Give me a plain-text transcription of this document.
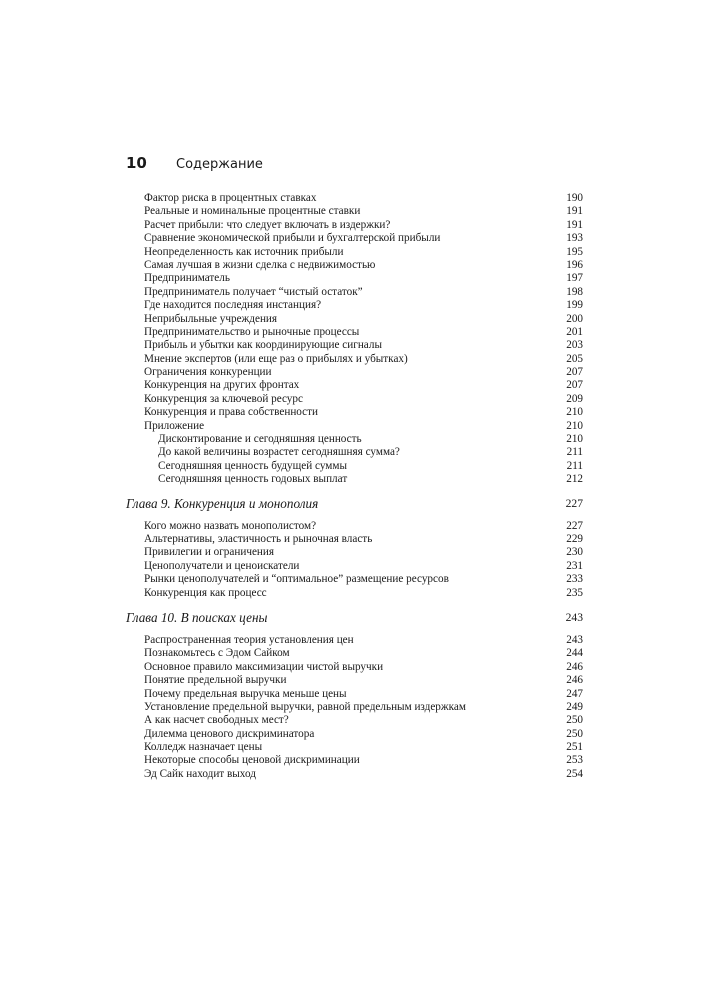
10	Содержание
Фактор риска в процентных ставках	190
Реальные и номинальные процентные ставки	191
Расчет прибыли: что следует включать в издержки?	191
Сравнение экономической прибыли и бухгалтерской прибыли	193
Неопределенность как источник прибыли	195
Самая лучшая в жизни сделка с недвижимостью	196
Предприниматель	197
Предприниматель получает “чистый остаток”	198
Где находится последняя инстанция?	199
Неприбыльные учреждения	200
Предпринимательство и рыночные процессы	201
Прибыль и убытки как координирующие сигналы	203
Мнение экспертов (или еще раз о прибылях и убытках)	205
Ограничения конкуренции	207
Конкуренция на других фронтах	207
Конкуренция за ключевой ресурс	209
Конкуренция и права собственности	210
Приложение	210
Дисконтирование и сегодняшняя ценность	210
До какой величины возрастет сегодняшняя сумма?	211
Сегодняшняя ценность будущей суммы	211
Сегодняшняя ценность годовых выплат	212
Глава 9. Конкуренция и монополия	227
Кого можно назвать монополистом?	227
Альтернативы, эластичность и рыночная власть	229
Привилегии и ограничения	230
Ценополучатели и ценоискатели	231
Рынки ценополучателей и “оптимальное” размещение ресурсов	233
Конкуренция как процесс	235
Глава 10. В поисках цены	243
Распространенная теория установления цен	243
Познакомьтесь с Эдом Сайком	244
Основное правило максимизации чистой выручки	246
Понятие предельной выручки	246
Почему предельная выручка меньше цены	247
Установление предельной выручки, равной предельным издержкам	249
А как насчет свободных мест?	250
Дилемма ценового дискриминатора	250
Колледж назначает цены	251
Некоторые способы ценовой дискриминации	253
Эд Сайк находит выход	254
